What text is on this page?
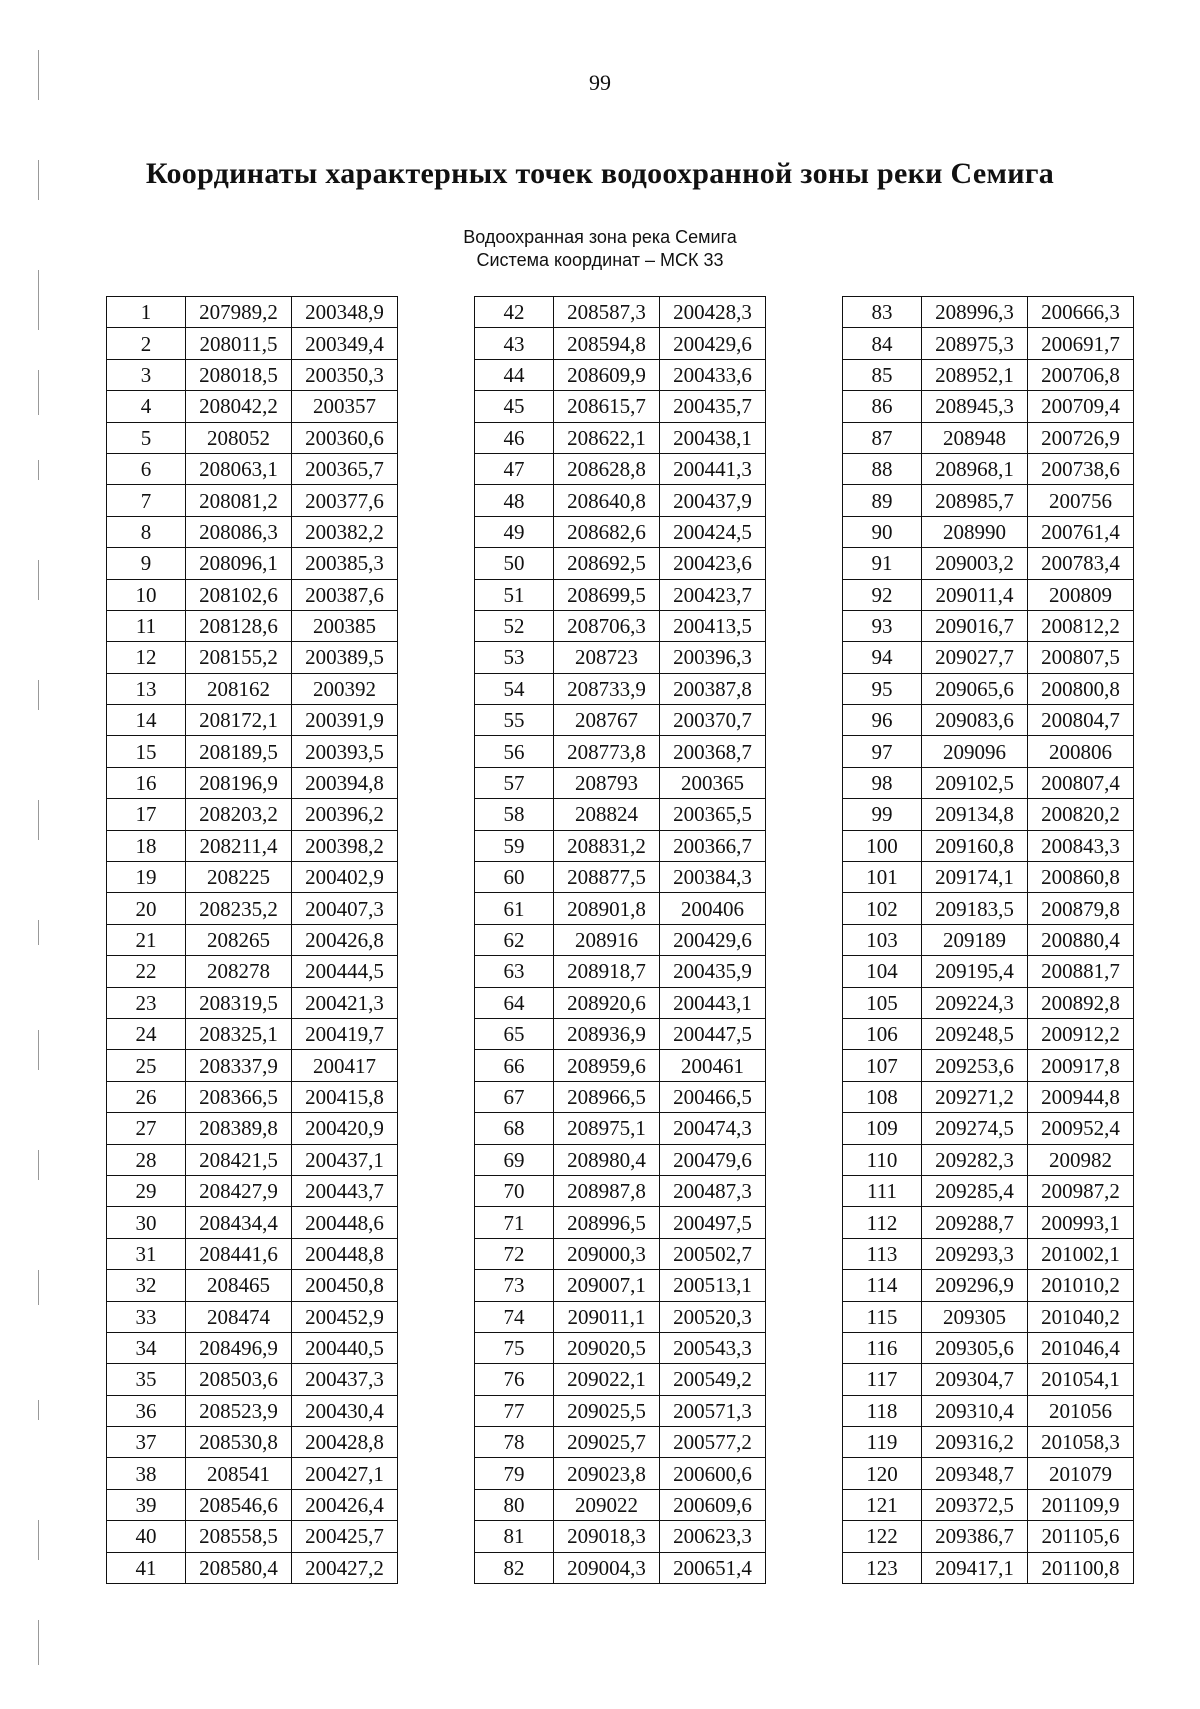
99
Координаты характерных точек водоохранной зоны реки Семига
Водоохранная зона река Семига
Система координат – МСК 33
1	207989,2	200348,9
2	208011,5	200349,4
3	208018,5	200350,3
4	208042,2	200357
5	208052	200360,6
6	208063,1	200365,7
7	208081,2	200377,6
8	208086,3	200382,2
9	208096,1	200385,3
10	208102,6	200387,6
11	208128,6	200385
12	208155,2	200389,5
13	208162	200392
14	208172,1	200391,9
15	208189,5	200393,5
16	208196,9	200394,8
17	208203,2	200396,2
18	208211,4	200398,2
19	208225	200402,9
20	208235,2	200407,3
21	208265	200426,8
22	208278	200444,5
23	208319,5	200421,3
24	208325,1	200419,7
25	208337,9	200417
26	208366,5	200415,8
27	208389,8	200420,9
28	208421,5	200437,1
29	208427,9	200443,7
30	208434,4	200448,6
31	208441,6	200448,8
32	208465	200450,8
33	208474	200452,9
34	208496,9	200440,5
35	208503,6	200437,3
36	208523,9	200430,4
37	208530,8	200428,8
38	208541	200427,1
39	208546,6	200426,4
40	208558,5	200425,7
41	208580,4	200427,2
42	208587,3	200428,3
43	208594,8	200429,6
44	208609,9	200433,6
45	208615,7	200435,7
46	208622,1	200438,1
47	208628,8	200441,3
48	208640,8	200437,9
49	208682,6	200424,5
50	208692,5	200423,6
51	208699,5	200423,7
52	208706,3	200413,5
53	208723	200396,3
54	208733,9	200387,8
55	208767	200370,7
56	208773,8	200368,7
57	208793	200365
58	208824	200365,5
59	208831,2	200366,7
60	208877,5	200384,3
61	208901,8	200406
62	208916	200429,6
63	208918,7	200435,9
64	208920,6	200443,1
65	208936,9	200447,5
66	208959,6	200461
67	208966,5	200466,5
68	208975,1	200474,3
69	208980,4	200479,6
70	208987,8	200487,3
71	208996,5	200497,5
72	209000,3	200502,7
73	209007,1	200513,1
74	209011,1	200520,3
75	209020,5	200543,3
76	209022,1	200549,2
77	209025,5	200571,3
78	209025,7	200577,2
79	209023,8	200600,6
80	209022	200609,6
81	209018,3	200623,3
82	209004,3	200651,4
83	208996,3	200666,3
84	208975,3	200691,7
85	208952,1	200706,8
86	208945,3	200709,4
87	208948	200726,9
88	208968,1	200738,6
89	208985,7	200756
90	208990	200761,4
91	209003,2	200783,4
92	209011,4	200809
93	209016,7	200812,2
94	209027,7	200807,5
95	209065,6	200800,8
96	209083,6	200804,7
97	209096	200806
98	209102,5	200807,4
99	209134,8	200820,2
100	209160,8	200843,3
101	209174,1	200860,8
102	209183,5	200879,8
103	209189	200880,4
104	209195,4	200881,7
105	209224,3	200892,8
106	209248,5	200912,2
107	209253,6	200917,8
108	209271,2	200944,8
109	209274,5	200952,4
110	209282,3	200982
111	209285,4	200987,2
112	209288,7	200993,1
113	209293,3	201002,1
114	209296,9	201010,2
115	209305	201040,2
116	209305,6	201046,4
117	209304,7	201054,1
118	209310,4	201056
119	209316,2	201058,3
120	209348,7	201079
121	209372,5	201109,9
122	209386,7	201105,6
123	209417,1	201100,8
